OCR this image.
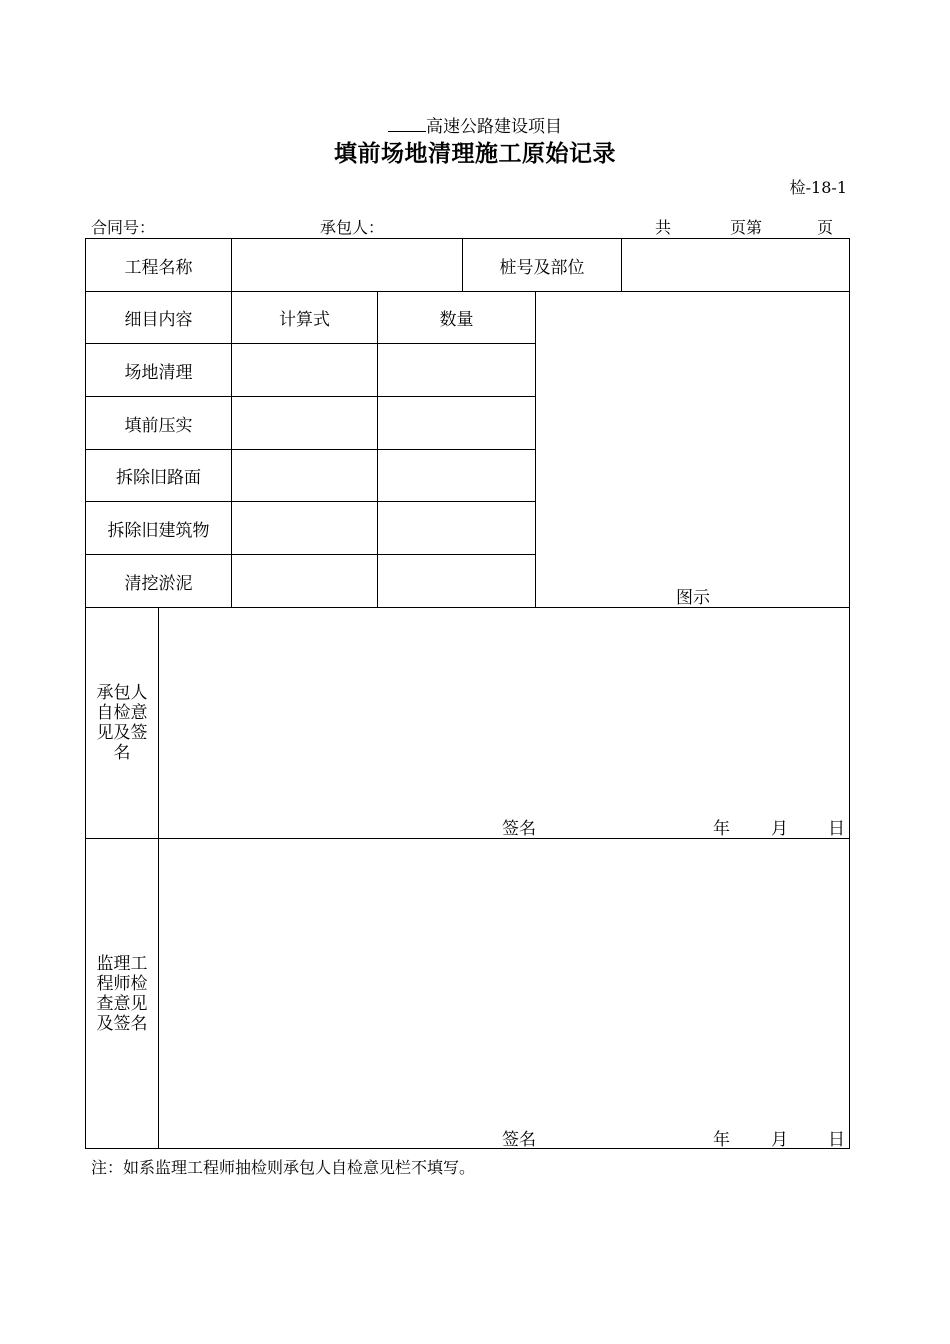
高速公路建设项目
填前场地清理施工原始记录
检-18-1
合同号：	承包人：	共	页第	页
工程名称	桩号及部位
细目内容	计算式	数量
场地清理
填前压实
拆除旧路面
拆除旧建筑物
清挖淤泥
图示
承包人自检意见及签名
签名	年 月 日
监理工程师检查意见及签名
签名	年 月 日
注：如系监理工程师抽检则承包人自检意见栏不填写。
